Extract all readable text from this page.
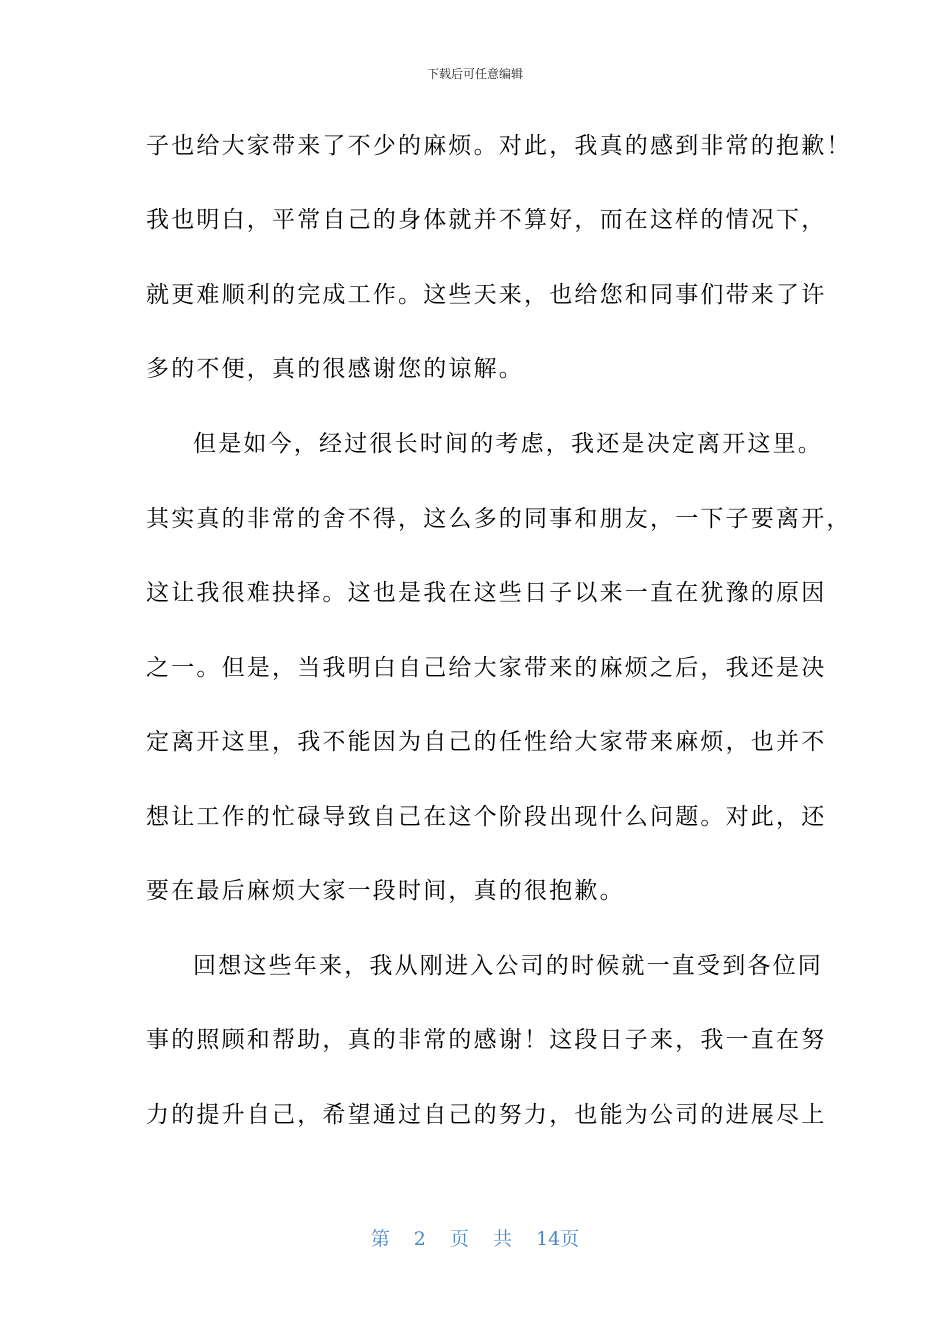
下载后可任意编辑
子也给大家带来了不少的麻烦。对此，我真的感到非常的抱歉！
我也明白，平常自己的身体就并不算好，而在这样的情况下，
就更难顺利的完成工作。这些天来，也给您和同事们带来了许
多的不便，真的很感谢您的谅解。
但是如今，经过很长时间的考虑，我还是决定离开这里。
其实真的非常的舍不得，这么多的同事和朋友，一下子要离开，
这让我很难抉择。这也是我在这些日子以来一直在犹豫的原因
之一。但是，当我明白自己给大家带来的麻烦之后，我还是决
定离开这里，我不能因为自己的任性给大家带来麻烦，也并不
想让工作的忙碌导致自己在这个阶段出现什么问题。对此，还
要在最后麻烦大家一段时间，真的很抱歉。
回想这些年来，我从刚进入公司的时候就一直受到各位同
事的照顾和帮助，真的非常的感谢！这段日子来，我一直在努
力的提升自己，希望通过自己的努力，也能为公司的进展尽上
第 2 页 共 14页
